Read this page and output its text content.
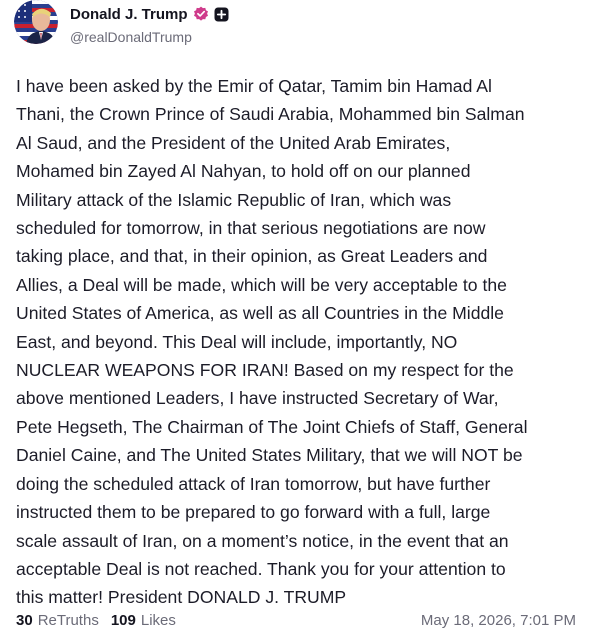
Donald J. Trump
@realDonaldTrump
I have been asked by the Emir of Qatar, Tamim bin Hamad Al
Thani, the Crown Prince of Saudi Arabia, Mohammed bin Salman
Al Saud, and the President of the United Arab Emirates,
Mohamed bin Zayed Al Nahyan, to hold off on our planned
Military attack of the Islamic Republic of Iran, which was
scheduled for tomorrow, in that serious negotiations are now
taking place, and that, in their opinion, as Great Leaders and
Allies, a Deal will be made, which will be very acceptable to the
United States of America, as well as all Countries in the Middle
East, and beyond. This Deal will include, importantly, NO
NUCLEAR WEAPONS FOR IRAN! Based on my respect for the
above mentioned Leaders, I have instructed Secretary of War,
Pete Hegseth, The Chairman of The Joint Chiefs of Staff, General
Daniel Caine, and The United States Military, that we will NOT be
doing the scheduled attack of Iran tomorrow, but have further
instructed them to be prepared to go forward with a full, large
scale assault of Iran, on a moment’s notice, in the event that an
acceptable Deal is not reached. Thank you for your attention to
this matter! President DONALD J. TRUMP
30 ReTruths 109 Likes	May 18, 2026, 7:01 PM
